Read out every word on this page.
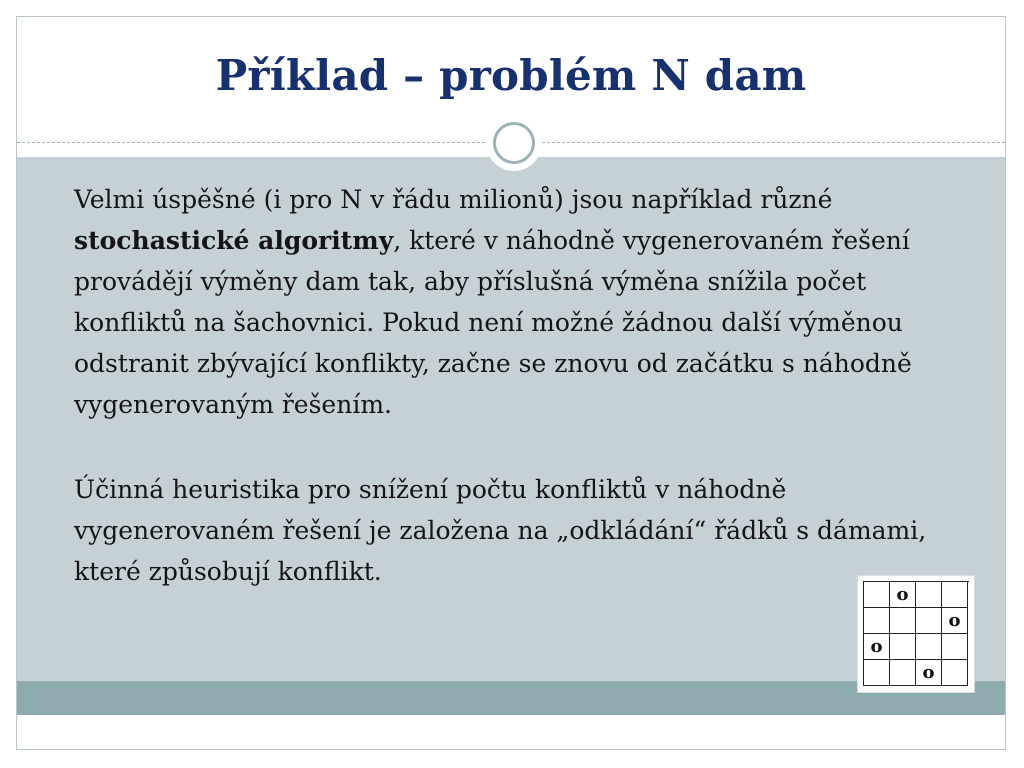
Příklad – problém N dam

Velmi úspěšné (i pro N v řádu milionů) jsou například různé
stochastické algoritmy, které v náhodně vygenerovaném řešení provádějí výměny dam tak, aby příslušná výměna snížila počet konfliktů na šachovnici. Pokud není možné žádnou další výměnou odstranit zbývající konflikty, začne se znovu od začátku s náhodně vygenerovaným řešením.

Účinná heuristika pro snížení počtu konfliktů v náhodně vygenerovaném řešení je založena na „odkládání“ řádků s dámami, které způsobují konflikt.

o
o
o
o
